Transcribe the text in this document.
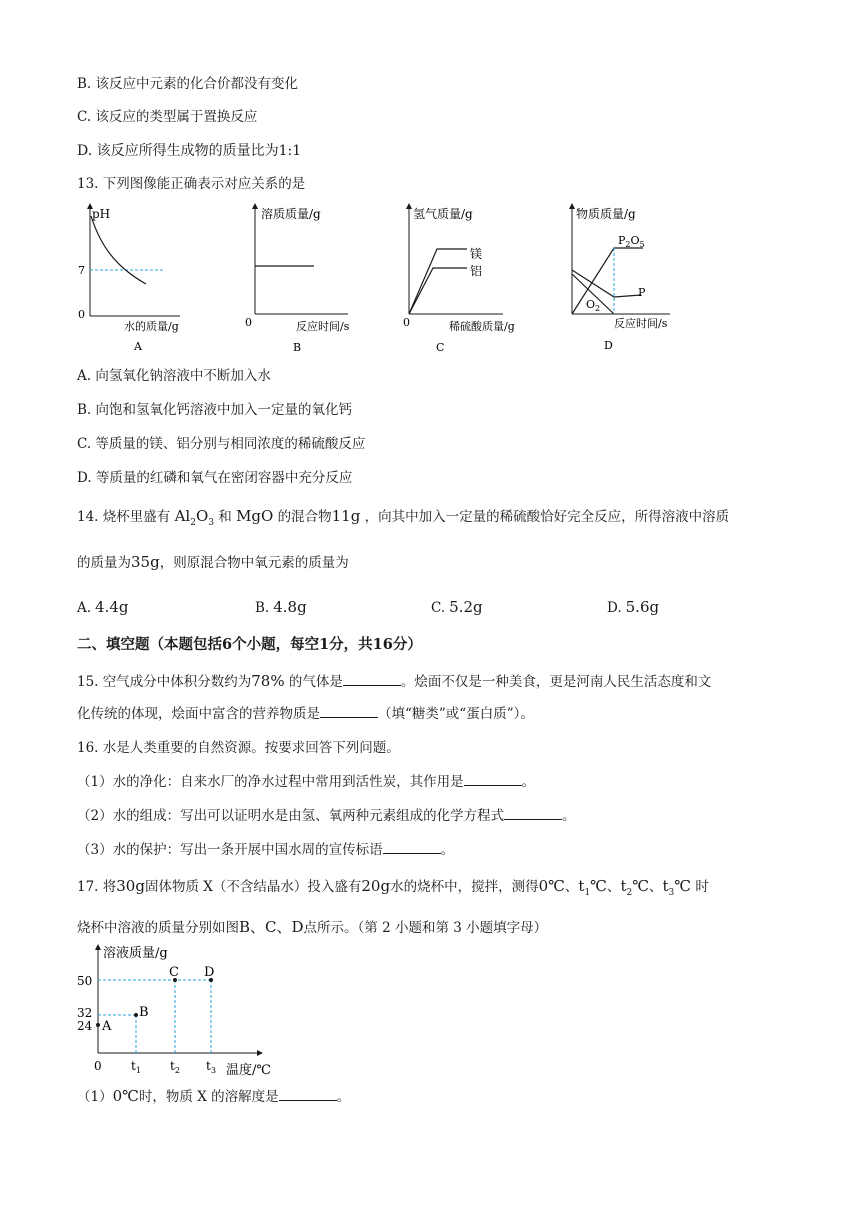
B. 该反应中元素的化合价都没有变化
C. 该反应的类型属于置换反应
D. 该反应所得生成物的质量比为1:1
13. 下列图像能正确表示对应关系的是
pH
7
0
水的质量/g
A
溶质质量/g
0	反应时间/s
B
氢气质量/g
镁
铝
0	稀硫酸质量/g
C
物质质量/g
$P_2O_5$
P
$O_2$
反应时间/s
D
A. 向氢氧化钠溶液中不断加入水
B. 向饱和氢氧化钙溶液中加入一定量的氧化钙
C. 等质量的镁、铝分别与相同浓度的稀硫酸反应
D. 等质量的红磷和氧气在密闭容器中充分反应
14. 烧杯里盛有 $Al_2O_3$ 和 MgO 的混合物11g ，向其中加入一定量的稀硫酸恰好完全反应，所得溶液中溶质
的质量为35g，则原混合物中氧元素的质量为
A. 4.4g	B. 4.8g	C. 5.2g	D. 5.6g
二、填空题（本题包括6个小题，每空1分，共16分）
15. 空气成分中体积分数约为78% 的气体是	。烩面不仅是一种美食，更是河南人民生活态度和文
化传统的体现，烩面中富含的营养物质是	（填“糖类”或“蛋白质”）。
16. 水是人类重要的自然资源。按要求回答下列问题。
（1）水的净化：自来水厂的净水过程中常用到活性炭，其作用是	。
（2）水的组成：写出可以证明水是由氢、氧两种元素组成的化学方程式	。
（3）水的保护：写出一条开展中国水周的宣传标语	。
17. 将30g固体物质 X（不含结晶水）投入盛有20g水的烧杯中，搅拌，测得0℃、$t_1℃$、$t_2℃$、$t_3℃$ 时
烧杯中溶液的质量分别如图B、C、D点所示。（第 2 小题和第 3 小题填字母）
溶液质量/g
50
32
24 A
B
C D
0 $t_1$ $t_2$ $t_3$ 温度/℃
（1）0℃时，物质 X 的溶解度是	。
